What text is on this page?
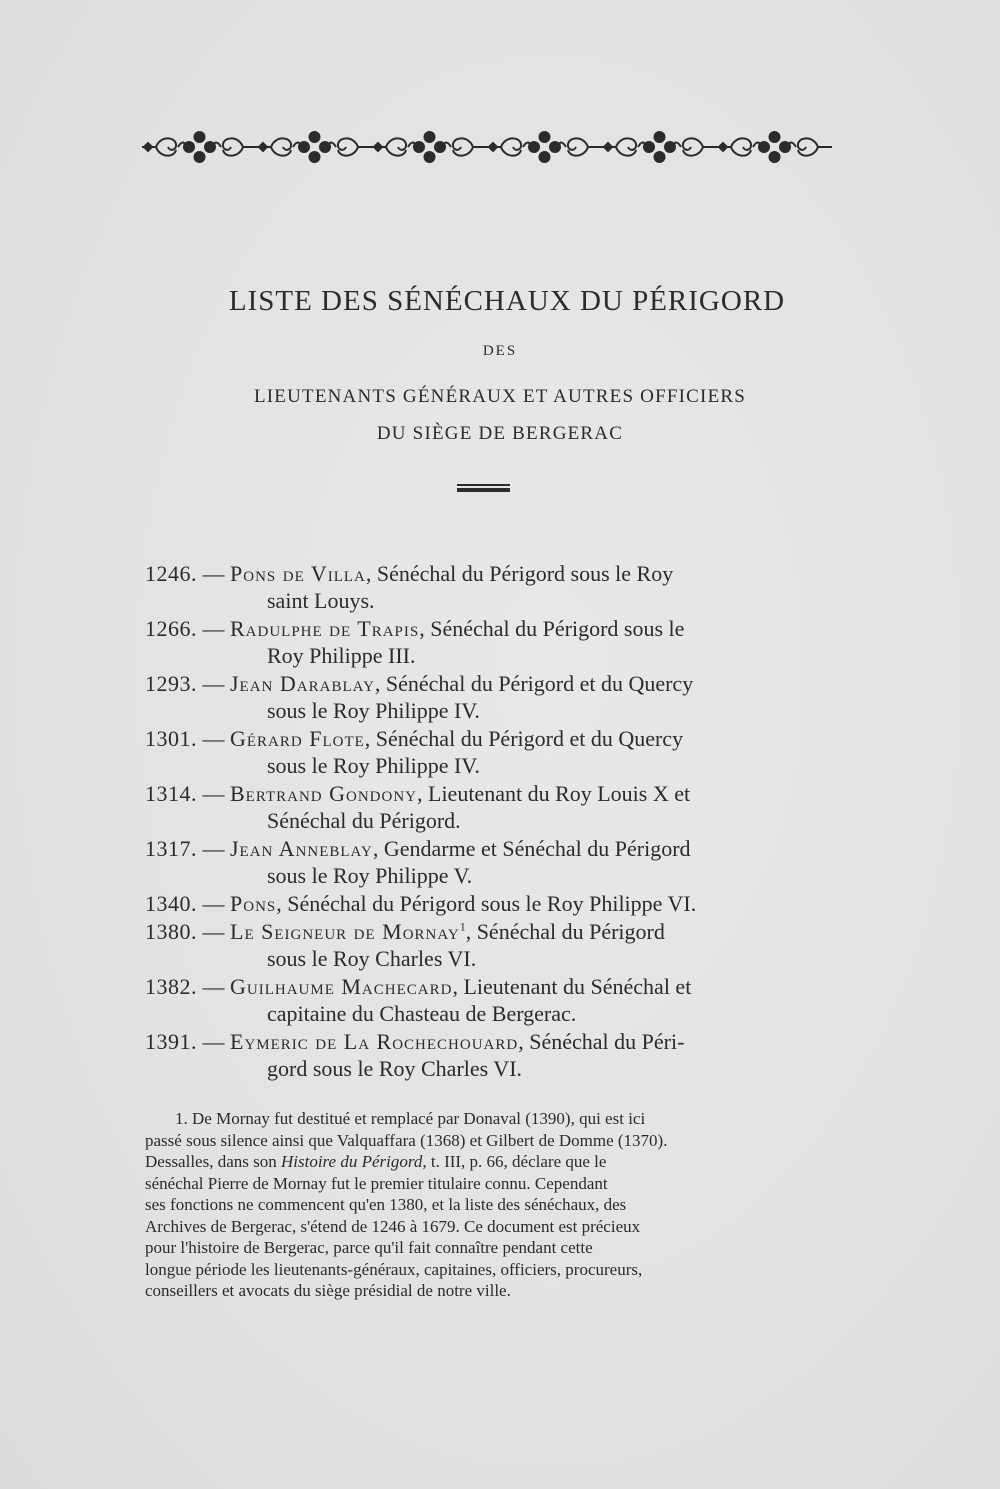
LISTE DES SÉNÉCHAUX DU PÉRIGORD
DES
LIEUTENANTS GÉNÉRAUX ET AUTRES OFFICIERS
DU SIÈGE DE BERGERAC
1246. — Pons de Villa, Sénéchal du Périgord sous le Roy
saint Louys.
1266. — Radulphe de Trapis, Sénéchal du Périgord sous le
Roy Philippe III.
1293. — Jean Darablay, Sénéchal du Périgord et du Quercy
sous le Roy Philippe IV.
1301. — Gérard Flote, Sénéchal du Périgord et du Quercy
sous le Roy Philippe IV.
1314. — Bertrand Gondony, Lieutenant du Roy Louis X et
Sénéchal du Périgord.
1317. — Jean Anneblay, Gendarme et Sénéchal du Périgord
sous le Roy Philippe V.
1340. — Pons, Sénéchal du Périgord sous le Roy Philippe VI.
1380. — Le Seigneur de Mornay$^1$, Sénéchal du Périgord
sous le Roy Charles VI.
1382. — Guilhaume Machecard, Lieutenant du Sénéchal et
capitaine du Chasteau de Bergerac.
1391. — Eymeric de La Rochechouard, Sénéchal du Péri-
gord sous le Roy Charles VI.

1. De Mornay fut destitué et remplacé par Donaval (1390), qui est ici

passé sous silence ainsi que Valquaffara (1368) et Gilbert de Domme (1370).

Dessalles, dans son Histoire du Périgord, t. III, p. 66, déclare que le

sénéchal Pierre de Mornay fut le premier titulaire connu. Cependant

ses fonctions ne commencent qu'en 1380, et la liste des sénéchaux, des

Archives de Bergerac, s'étend de 1246 à 1679. Ce document est précieux

pour l'histoire de Bergerac, parce qu'il fait connaître pendant cette

longue période les lieutenants-généraux, capitaines, officiers, procureurs,

conseillers et avocats du siège présidial de notre ville.
